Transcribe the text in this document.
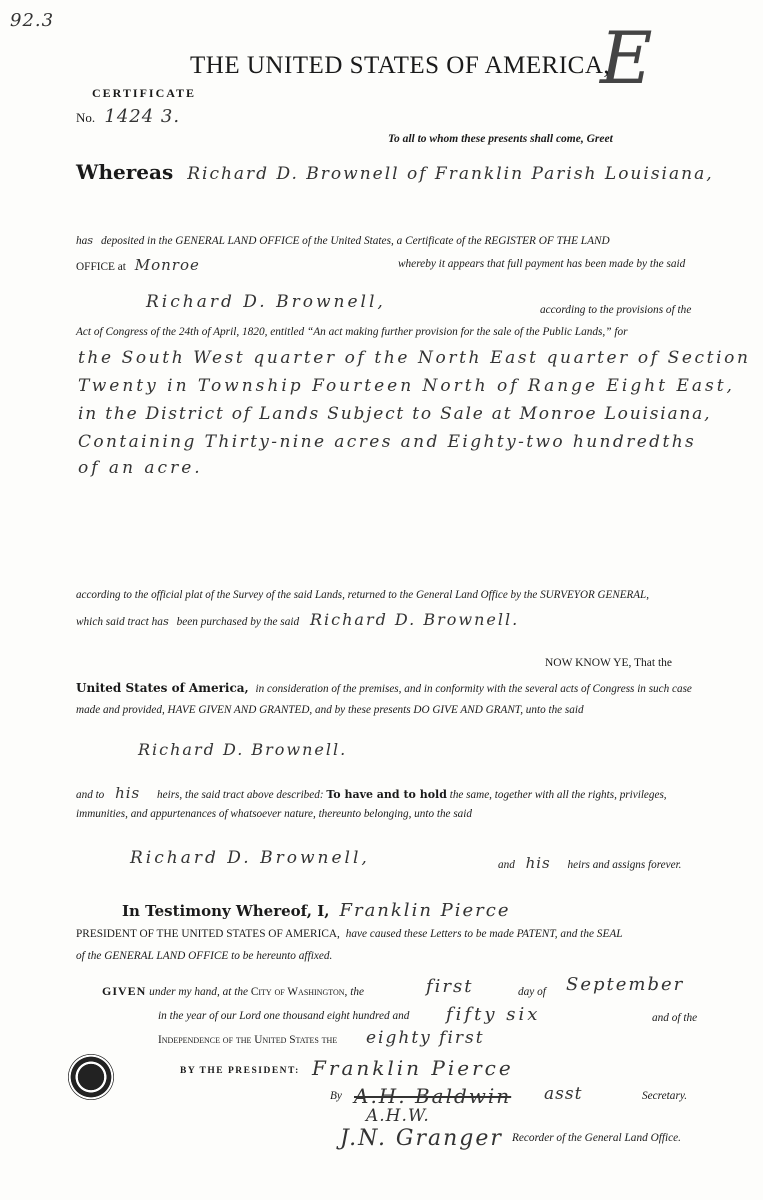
92.3	E
THE UNITED STATES OF AMERICA,
CERTIFICATE
No. 1424 3.
To all to whom these presents shall come, Greet
Whereas Richard D. Brownell of Franklin Parish Louisiana,
has deposited in the GENERAL LAND OFFICE of the United States, a Certificate of the REGISTER OF THE LAND
OFFICE at Monroe	whereby it appears that full payment has been made by the said
Richard D. Brownell,	according to the provisions of the
Act of Congress of the 24th of April, 1820, entitled “An act making further provision for the sale of the Public Lands,” for
the South West quarter of the North East quarter of Section
Twenty in Township Fourteen North of Range Eight East,
in the District of Lands Subject to Sale at Monroe Louisiana,
Containing Thirty-nine acres and Eighty-two hundredths
of an acre.
according to the official plat of the Survey of the said Lands, returned to the General Land Office by the SURVEYOR GENERAL,
which said tract has been purchased by the said Richard D. Brownell.
NOW KNOW YE, That the
United States of America, in consideration of the premises, and in conformity with the several acts of Congress in such case
made and provided, HAVE GIVEN AND GRANTED, and by these presents DO GIVE AND GRANT, unto the said
Richard D. Brownell.
and to his heirs, the said tract above described: To have and to hold the same, together with all the rights, privileges,
immunities, and appurtenances of whatsoever nature, thereunto belonging, unto the said
Richard D. Brownell,	and his heirs and assigns forever.
In Testimony Whereof, I, Franklin Pierce
PRESIDENT OF THE UNITED STATES OF AMERICA, have caused these Letters to be made PATENT, and the SEAL
of the GENERAL LAND OFFICE to be hereunto affixed.
GIVEN under my hand, at the City of Washington, the	first	day of September
in the year of our Lord one thousand eight hundred and fifty six	and of the
Independence of the United States the eighty first
BY THE PRESIDENT: Franklin Pierce
By A.H. Baldwin asst	Secretary.
A.H.W.
J.N. Granger Recorder of the General Land Office.
